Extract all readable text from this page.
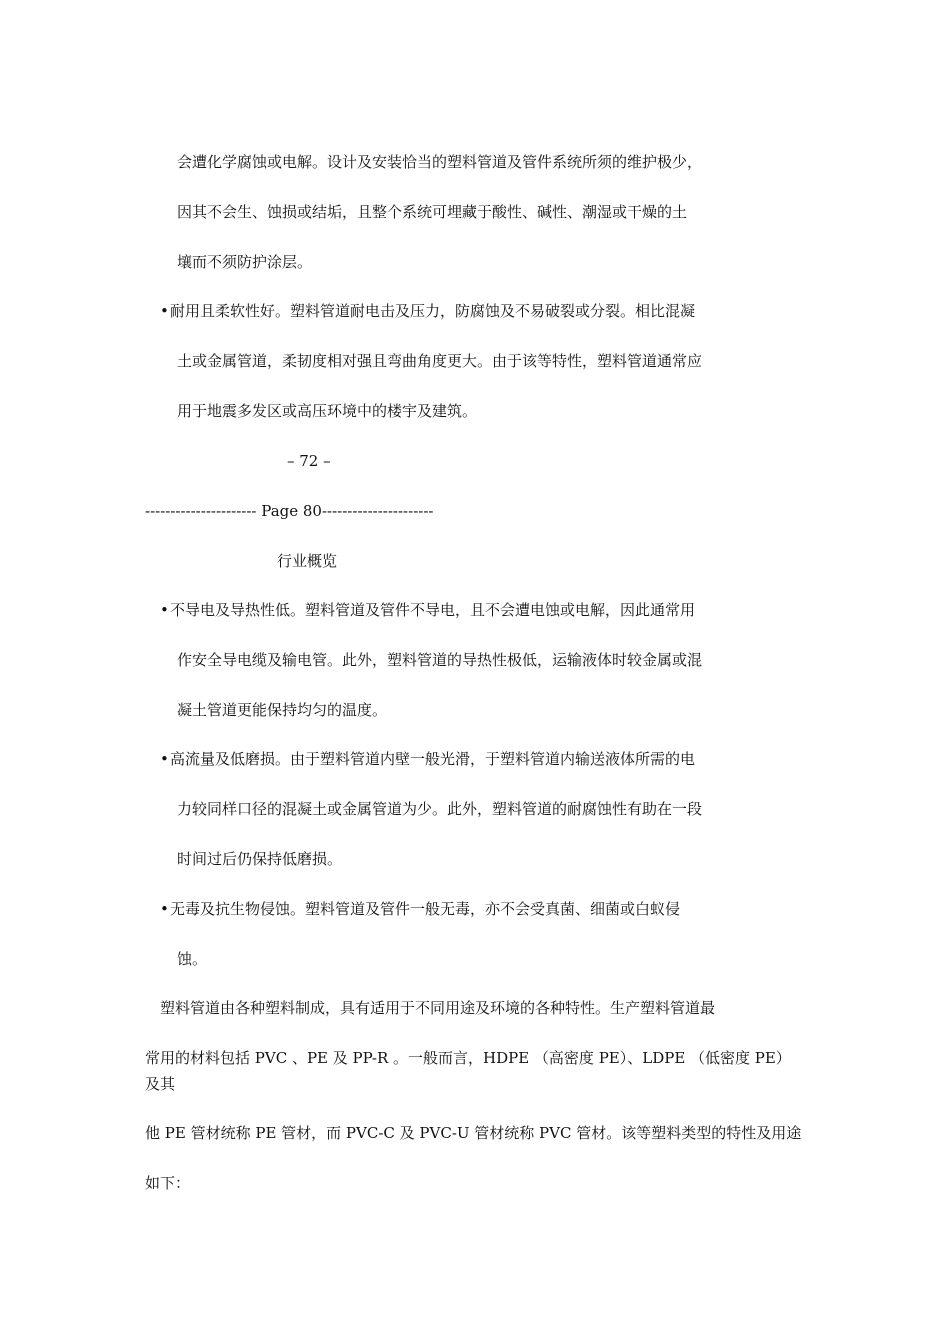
会遭化学腐蚀或电解。设计及安装恰当的塑料管道及管件系统所须的维护极少，
因其不会生、蚀损或结垢，且整个系统可埋藏于酸性、碱性、潮湿或干燥的土
壤而不须防护涂层。
•耐用且柔软性好。塑料管道耐电击及压力，防腐蚀及不易破裂或分裂。相比混凝
土或金属管道，柔韧度相对强且弯曲角度更大。由于该等特性，塑料管道通常应
用于地震多发区或高压环境中的楼宇及建筑。
– 72 –
---------------------- Page 80----------------------
行业概览
•不导电及导热性低。塑料管道及管件不导电，且不会遭电蚀或电解，因此通常用
作安全导电缆及输电管。此外，塑料管道的导热性极低，运输液体时较金属或混
凝土管道更能保持均匀的温度。
•高流量及低磨损。由于塑料管道内壁一般光滑，于塑料管道内输送液体所需的电
力较同样口径的混凝土或金属管道为少。此外，塑料管道的耐腐蚀性有助在一段
时间过后仍保持低磨损。
•无毒及抗生物侵蚀。塑料管道及管件一般无毒，亦不会受真菌、细菌或白蚁侵
蚀。
塑料管道由各种塑料制成，具有适用于不同用途及环境的各种特性。生产塑料管道最
常用的材料包括 PVC 、PE 及 PP-R 。一般而言，HDPE （高密度 PE）、LDPE （低密度 PE）
及其
他 PE 管材统称 PE 管材，而 PVC-C 及 PVC-U 管材统称 PVC 管材。该等塑料类型的特性及用途
如下：
